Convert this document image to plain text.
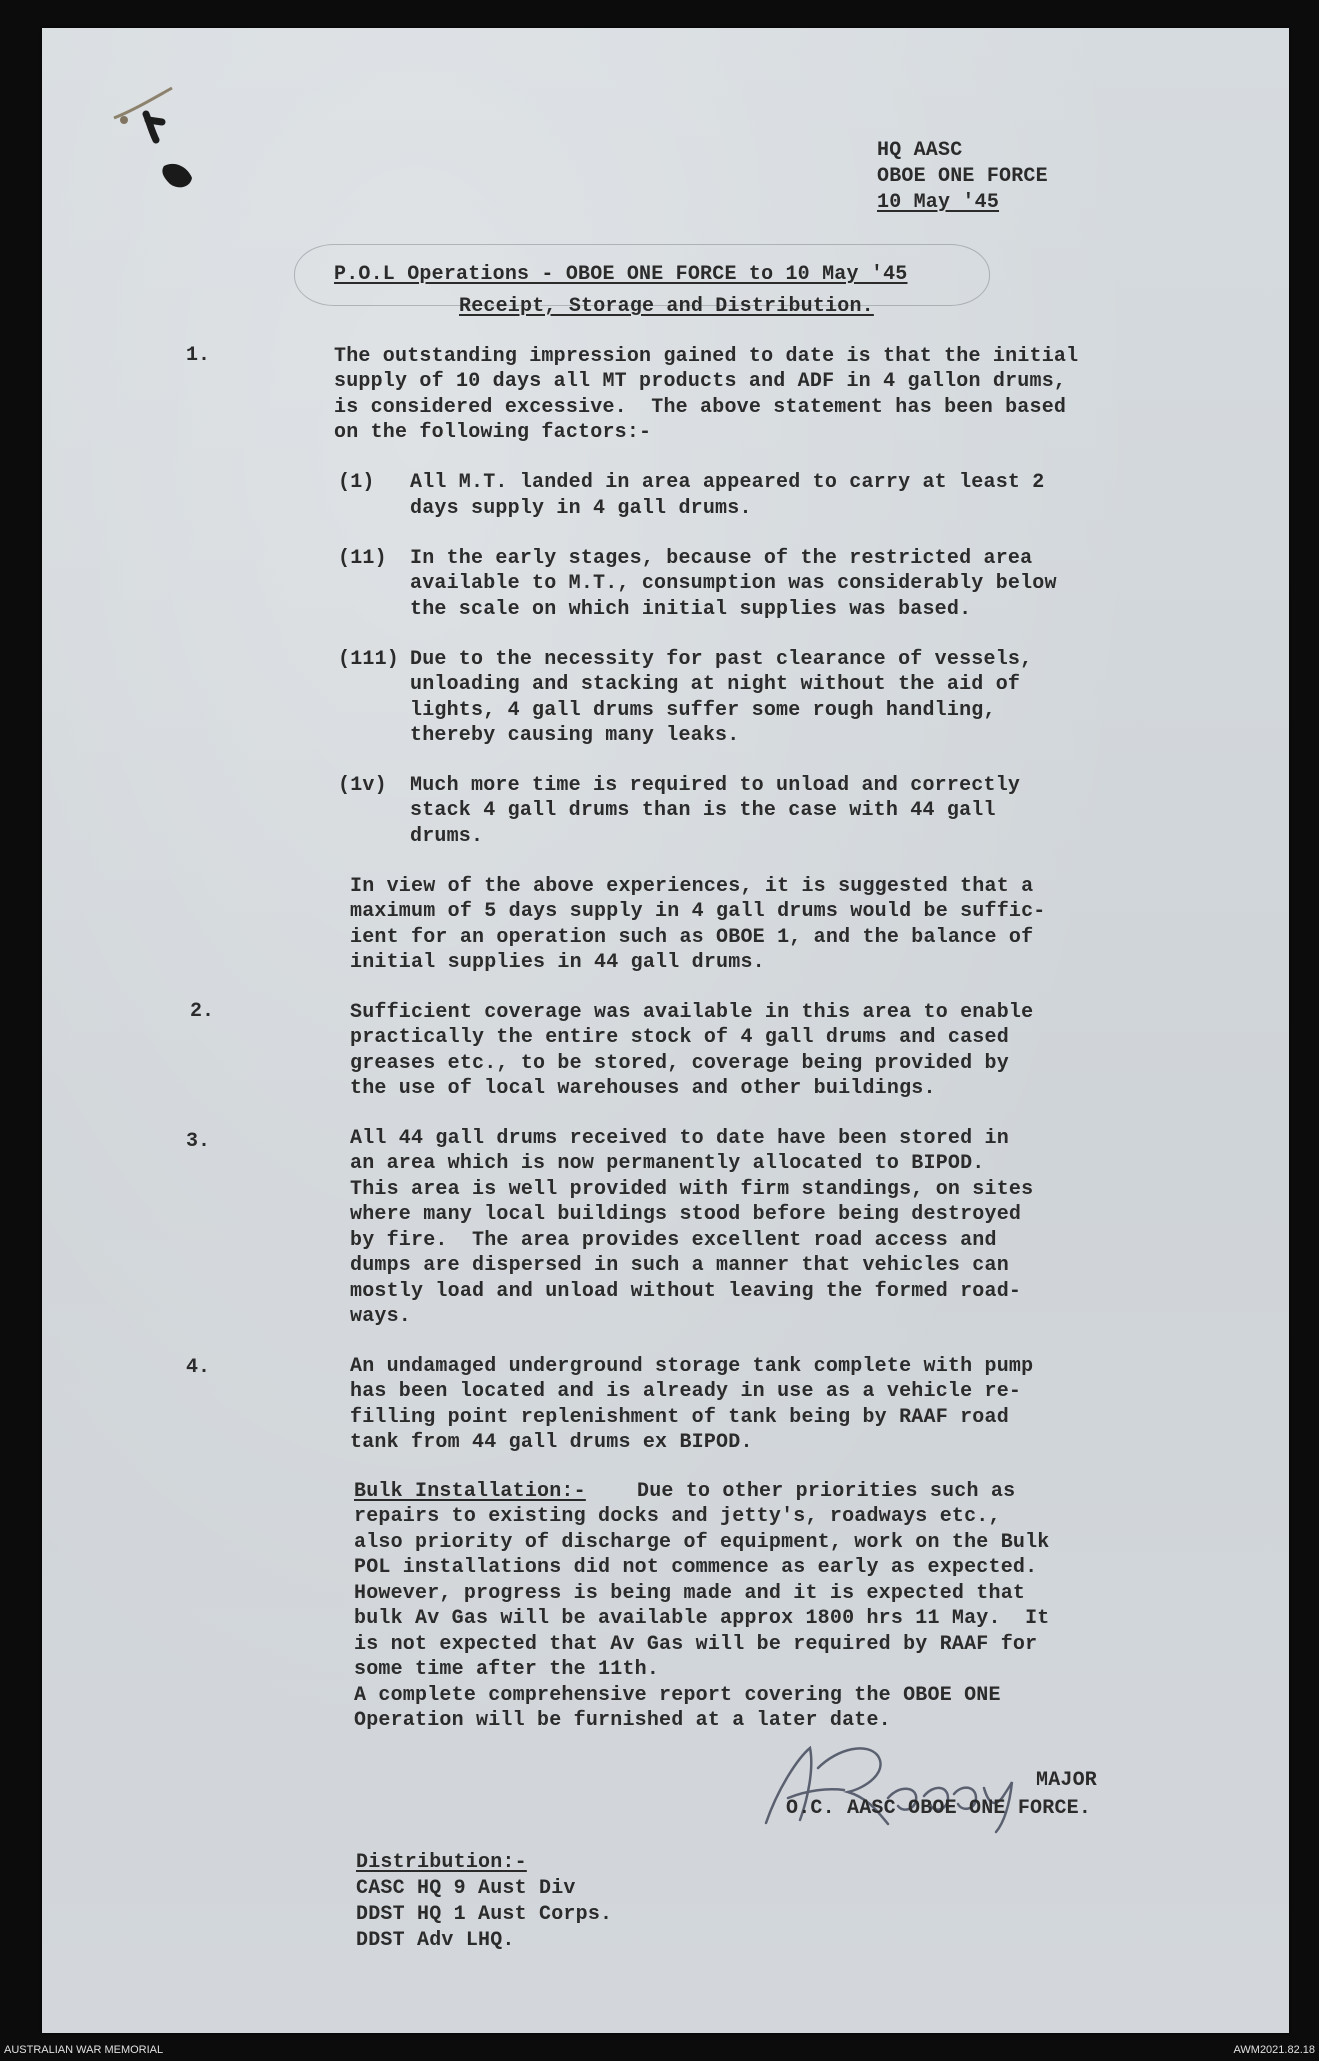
HQ AASC
OBOE ONE FORCE
10 May '45
P.O.L Operations - OBOE ONE FORCE to 10 May '45
Receipt, Storage and Distribution.
1.	The outstanding impression gained to date is that the initial
supply of 10 days all MT products and ADF in 4 gallon drums,
is considered excessive.  The above statement has been based
on the following factors:-
(1) All M.T. landed in area appeared to carry at least 2
days supply in 4 gall drums.
(11) In the early stages, because of the restricted area
available to M.T., consumption was considerably below
the scale on which initial supplies was based.
(111) Due to the necessity for past clearance of vessels,
unloading and stacking at night without the aid of
lights, 4 gall drums suffer some rough handling,
thereby causing many leaks.
(1v) Much more time is required to unload and correctly
stack 4 gall drums than is the case with 44 gall
drums.
In view of the above experiences, it is suggested that a
maximum of 5 days supply in 4 gall drums would be suffic-
ient for an operation such as OBOE 1, and the balance of
initial supplies in 44 gall drums.
2.	Sufficient coverage was available in this area to enable
practically the entire stock of 4 gall drums and cased
greases etc., to be stored, coverage being provided by
the use of local warehouses and other buildings.
3.	All 44 gall drums received to date have been stored in
an area which is now permanently allocated to BIPOD.
This area is well provided with firm standings, on sites
where many local buildings stood before being destroyed
by fire.  The area provides excellent road access and
dumps are dispersed in such a manner that vehicles can
mostly load and unload without leaving the formed road-
ways.
4.	An undamaged underground storage tank complete with pump
has been located and is already in use as a vehicle re-
filling point replenishment of tank being by RAAF road
tank from 44 gall drums ex BIPOD.
Bulk Installation:-
Due to other priorities such as
repairs to existing docks and jetty's, roadways etc.,
also priority of discharge of equipment, work on the Bulk
POL installations did not commence as early as expected.
However, progress is being made and it is expected that
bulk Av Gas will be available approx 1800 hrs 11 May.  It
is not expected that Av Gas will be required by RAAF for
some time after the 11th.
A complete comprehensive report covering the OBOE ONE
Operation will be furnished at a later date.
MAJOR
O.C. AASC OBOE ONE FORCE.
Distribution:-
CASC HQ 9 Aust Div
DDST HQ 1 Aust Corps.
DDST Adv LHQ.
AUSTRALIAN WAR MEMORIAL	AWM2021.82.18
